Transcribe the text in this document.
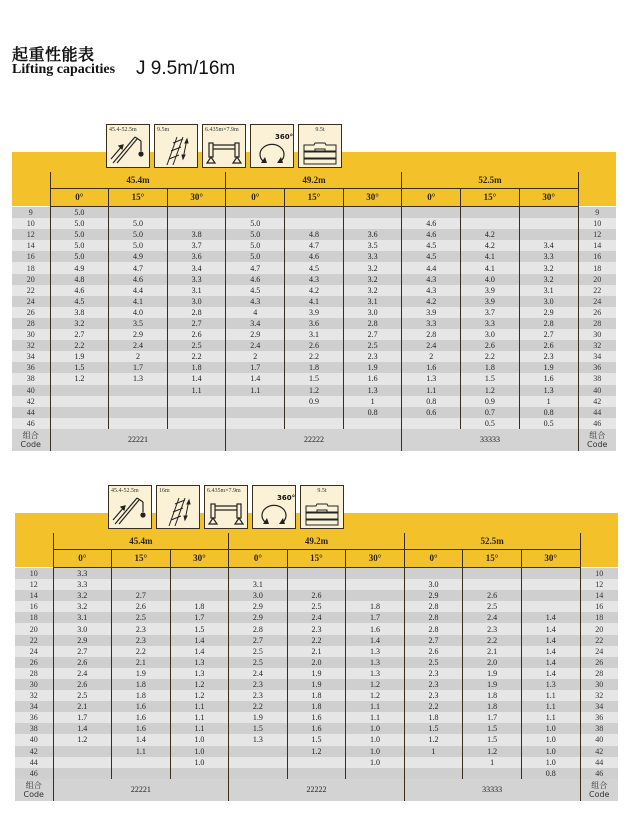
起重性能表
Lifting capacities J 9.5m/16m
45.4-52.5m	9.5m	6.435m×7.9m
360°
9.5t
	45.4m			49.2m			52.5m			
	0°	15°	30°	0°	15°	30°	0°	15°	30°	
9	5.0									9
10	5.0	5.0		5.0			4.6			10
12	5.0	5.0	3.8	5.0	4.8	3.6	4.6	4.2		12
14	5.0	5.0	3.7	5.0	4.7	3.5	4.5	4.2	3.4	14
16	5.0	4.9	3.6	5.0	4.6	3.3	4.5	4.1	3.3	16
18	4.9	4.7	3.4	4.7	4.5	3.2	4.4	4.1	3.2	18
20	4.8	4.6	3.3	4.6	4.3	3.2	4.3	4.0	3.2	20
22	4.6	4.4	3.1	4.5	4.2	3.2	4.3	3.9	3.1	22
24	4.5	4.1	3.0	4.3	4.1	3.1	4.2	3.9	3.0	24
26	3.8	4.0	2.8	4	3.9	3.0	3.9	3.7	2.9	26
28	3.2	3.5	2.7	3.4	3.6	2.8	3.3	3.3	2.8	28
30	2.7	2.9	2.6	2.9	3.1	2.7	2.8	3.0	2.7	30
32	2.2	2.4	2.5	2.4	2.6	2.5	2.4	2.6	2.6	32
34	1.9	2	2.2	2	2.2	2.3	2	2.2	2.3	34
36	1.5	1.7	1.8	1.7	1.8	1.9	1.6	1.8	1.9	36
38	1.2	1.3	1.4	1.4	1.5	1.6	1.3	1.5	1.6	38
40			1.1	1.1	1.2	1.3	1.1	1.2	1.3	40
42					0.9	1	0.8	0.9	1	42
44						0.8	0.6	0.7	0.8	44
46								0.5	0.5	46

组合
Code
	22221	22222	33333	组合
Code
45.4-52.5m	16m	6.435m×7.9m
360°
9.5t
	45.4m			49.2m			52.5m			
	0°	15°	30°	0°	15°	30°	0°	15°	30°	
10	3.3									10
12	3.3			3.1			3.0			12
14	3.2	2.7		3.0	2.6		2.9	2.6		14
16	3.2	2.6	1.8	2.9	2.5	1.8	2.8	2.5		16
18	3.1	2.5	1.7	2.9	2.4	1.7	2.8	2.4	1.4	18
20	3.0	2.3	1.5	2.8	2.3	1.6	2.8	2.3	1.4	20
22	2.9	2.3	1.4	2.7	2.2	1.4	2.7	2.2	1.4	22
24	2.7	2.2	1.4	2.5	2.1	1.3	2.6	2.1	1.4	24
26	2.6	2.1	1.3	2.5	2.0	1.3	2.5	2.0	1.4	26
28	2.4	1.9	1.3	2.4	1.9	1.3	2.3	1.9	1.4	28
30	2.6	1.8	1.2	2.3	1.9	1.2	2.3	1.9	1.3	30
32	2.5	1.8	1.2	2.3	1.8	1.2	2.3	1.8	1.1	32
34	2.1	1.6	1.1	2.2	1.8	1.1	2.2	1.8	1.1	34
36	1.7	1.6	1.1	1.9	1.6	1.1	1.8	1.7	1.1	36
38	1.4	1.6	1.1	1.5	1.6	1.0	1.5	1.5	1.0	38
40	1.2	1.4	1.0	1.3	1.5	1.0	1.2	1.5	1.0	40
42		1.1	1.0		1.2	1.0	1	1.2	1.0	42
44			1.0			1.0		1	1.0	44
46									0.8	46

组合
Code
	22221	22222	33333	组合
Code
